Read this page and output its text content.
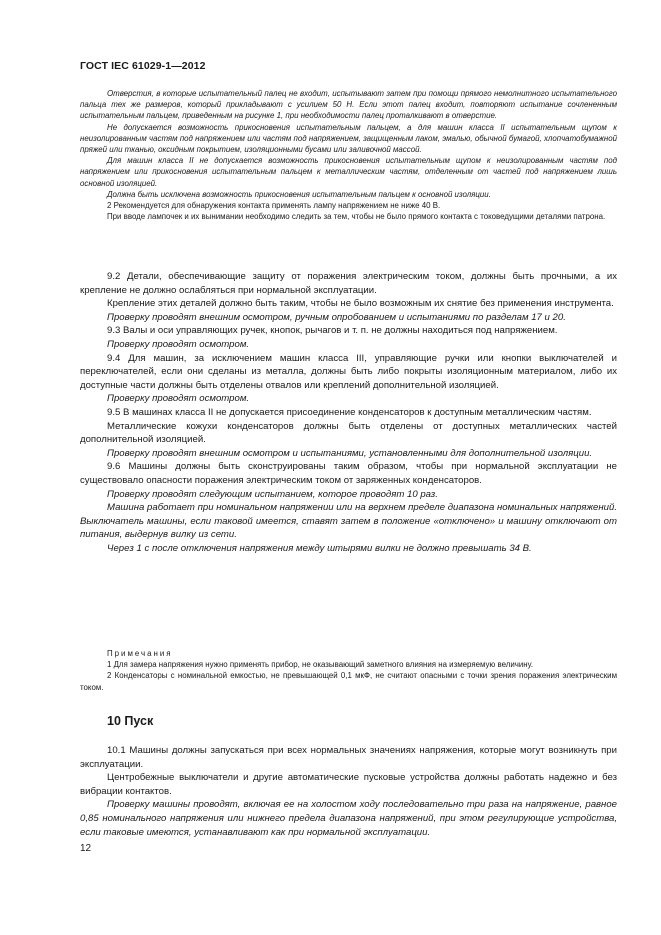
ГОСТ IEC 61029-1—2012

Отверстия, в которые испытательный палец не входит, испытывают затем при помощи прямого немолнитного испытательного пальца тех же размеров, который прикладывают с усилием 50 Н. Если этот палец входит, повторяют испытание сочлененным испытательным пальцем, приведенным на рисунке 1, при необходимости палец проталкивают в отверстие.

Не допускается возможность прикосновения испытательным пальцем, а для машин класса II испытательным щупом к неизолированным частям под напряжением или частям под напряжением, защищенным лаком, эмалью, обычной бумагой, хлопчатобумажной пряжей или тканью, оксидным покрытием, изоляционными бусами или заливочной массой.

Для машин класса II не допускается возможность прикосновения испытательным щупом к неизолированным частям под напряжением или прикосновения испытательным пальцем к металлическим частям, отделенным от частей под напряжением лишь основной изоляцией.

Должна быть исключена возможность прикосновения испытательным пальцем к основной изоляции.

2 Рекомендуется для обнаружения контакта применять лампу напряжением не ниже 40 В.

При вводе лампочек и их вынимании необходимо следить за тем, чтобы не было прямого контакта с токоведущими деталями патрона.

9.2 Детали, обеспечивающие защиту от поражения электрическим током, должны быть прочными, а их крепление не должно ослабляться при нормальной эксплуатации.

Крепление этих деталей должно быть таким, чтобы не было возможным их снятие без применения инструмента.

Проверку проводят внешним осмотром, ручным опробованием и испытаниями по разделам 17 и 20.

9.3 Валы и оси управляющих ручек, кнопок, рычагов и т. п. не должны находиться под напряжением.

Проверку проводят осмотром.

9.4 Для машин, за исключением машин класса III, управляющие ручки или кнопки выключателей и переключателей, если они сделаны из металла, должны быть либо покрыты изоляционным материалом, либо их доступные части должны быть отделены отвалов или креплений дополнительной изоляцией.

Проверку проводят осмотром.

9.5 В машинах класса II не допускается присоединение конденсаторов к доступным металлическим частям.

Металлические кожухи конденсаторов должны быть отделены от доступных металлических частей дополнительной изоляцией.

Проверку проводят внешним осмотром и испытаниями, установленными для дополнительной изоляции.

9.6 Машины должны быть сконструированы таким образом, чтобы при нормальной эксплуатации не существовало опасности поражения электрическим током от заряженных конденсаторов.

Проверку проводят следующим испытанием, которое проводят 10 раз.

Машина работает при номинальном напряжении или на верхнем пределе диапазона номинальных напряжений. Выключатель машины, если таковой имеется, ставят затем в положение «отключено» и машину отключают от питания, выдернув вилку из сети.

Через 1 с после отключения напряжения между штырями вилки не должно превышать 34 В.

Примечания

1 Для замера напряжения нужно применять прибор, не оказывающий заметного влияния на измеряемую величину.

2 Конденсаторы с номинальной емкостью, не превышающей 0,1 мкФ, не считают опасными с точки зрения поражения электрическим током.

10 Пуск

10.1 Машины должны запускаться при всех нормальных значениях напряжения, которые могут возникнуть при эксплуатации.

Центробежные выключатели и другие автоматические пусковые устройства должны работать надежно и без вибрации контактов.

Проверку машины проводят, включая ее на холостом ходу последовательно три раза на напряжение, равное 0,85 номинального напряжения или нижнего предела диапазона напряжений, при этом регулирующие устройства, если таковые имеются, устанавливают как при нормальной эксплуатации.

12
